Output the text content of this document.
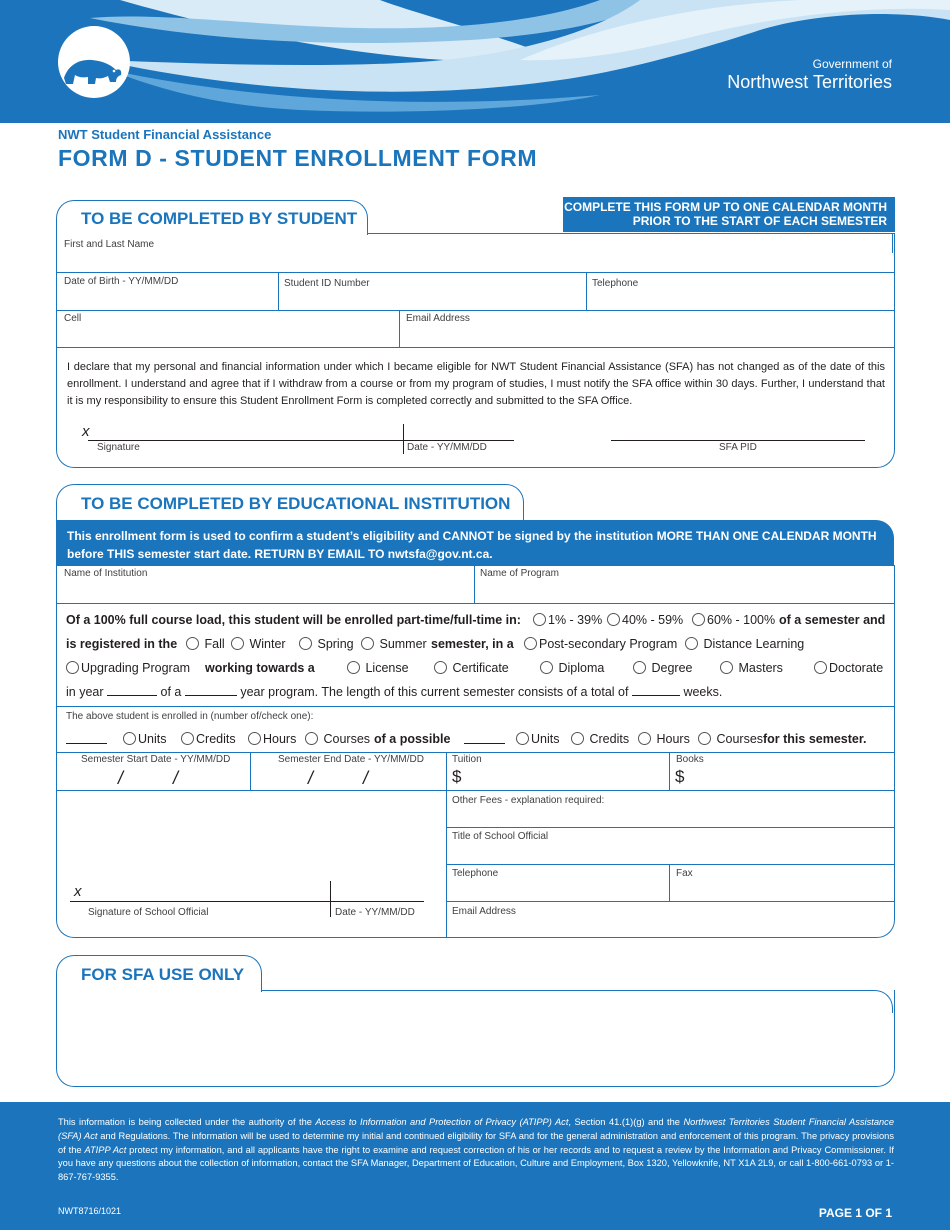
Government of
Northwest Territories
NWT Student Financial Assistance
FORM D - STUDENT ENROLLMENT FORM
TO BE COMPLETED BY STUDENT
COMPLETE THIS FORM UP TO ONE CALENDAR MONTH
PRIOR TO THE START OF EACH SEMESTER
First and Last Name
Date of Birth - YY/MM/DD	Student ID Number	Telephone
Cell	Email Address
I declare that my personal and financial information under which I became eligible for NWT Student Financial Assistance (SFA) has not changed as of the date of this enrollment. I understand and agree that if I withdraw from a course or from my program of studies, I must notify the SFA office within 30 days. Further, I understand that it is my responsibility to ensure this Student Enrollment Form is completed correctly and submitted to the SFA Office.
x
Signature	Date - YY/MM/DD	SFA PID
TO BE COMPLETED BY EDUCATIONAL INSTITUTION
This enrollment form is used to confirm a student’s eligibility and CANNOT be signed by the institution MORE THAN ONE CALENDAR MONTH
before THIS semester start date. RETURN BY EMAIL TO nwtsfa@gov.nt.ca.
Name of Institution	Name of Program
Of a 100% full course load, this student will be enrolled part-time/full-time in:	1% - 39%	40% - 59%	60% - 100% of a semester and
is registered in the	Fall	Winter	Spring	Summer semester, in a	Post-secondary Program	Distance Learning
Upgrading Program working towards a	License	Certificate	Diploma	Degree	Masters	Doctorate
in year	of a	year program. The length of this current semester consists of a total of	weeks.
The above student is enrolled in (number of/check one):
Units	Credits	Hours	Courses of a possible	Units	Credits	Hours	Courses for this semester.
Semester Start Date - YY/MM/DD
/          /
Semester End Date - YY/MM/DD
/          /
Tuition
$
Books
$
Other Fees - explanation required:
Title of School Official
Telephone	Fax
Email Address
x
Signature of School Official	Date - YY/MM/DD
FOR SFA USE ONLY
This information is being collected under the authority of the Access to Information and Protection of Privacy (ATIPP) Act, Section 41.(1)(g) and the Northwest Territories Student Financial Assistance (SFA) Act and Regulations. The information will be used to determine my initial and continued eligibility for SFA and for the general administration and enforcement of this program. The privacy provisions of the ATIPP Act protect my information, and all applicants have the right to examine and request correction of his or her records and to request a review by the Information and Privacy Commissioner. If you have any questions about the collection of information, contact the SFA Manager, Department of Education, Culture and Employment, Box 1320, Yellowknife, NT X1A 2L9, or call 1-800-661-0793 or 1-867-767-9355.
NWT8716/1021	PAGE 1 OF 1
